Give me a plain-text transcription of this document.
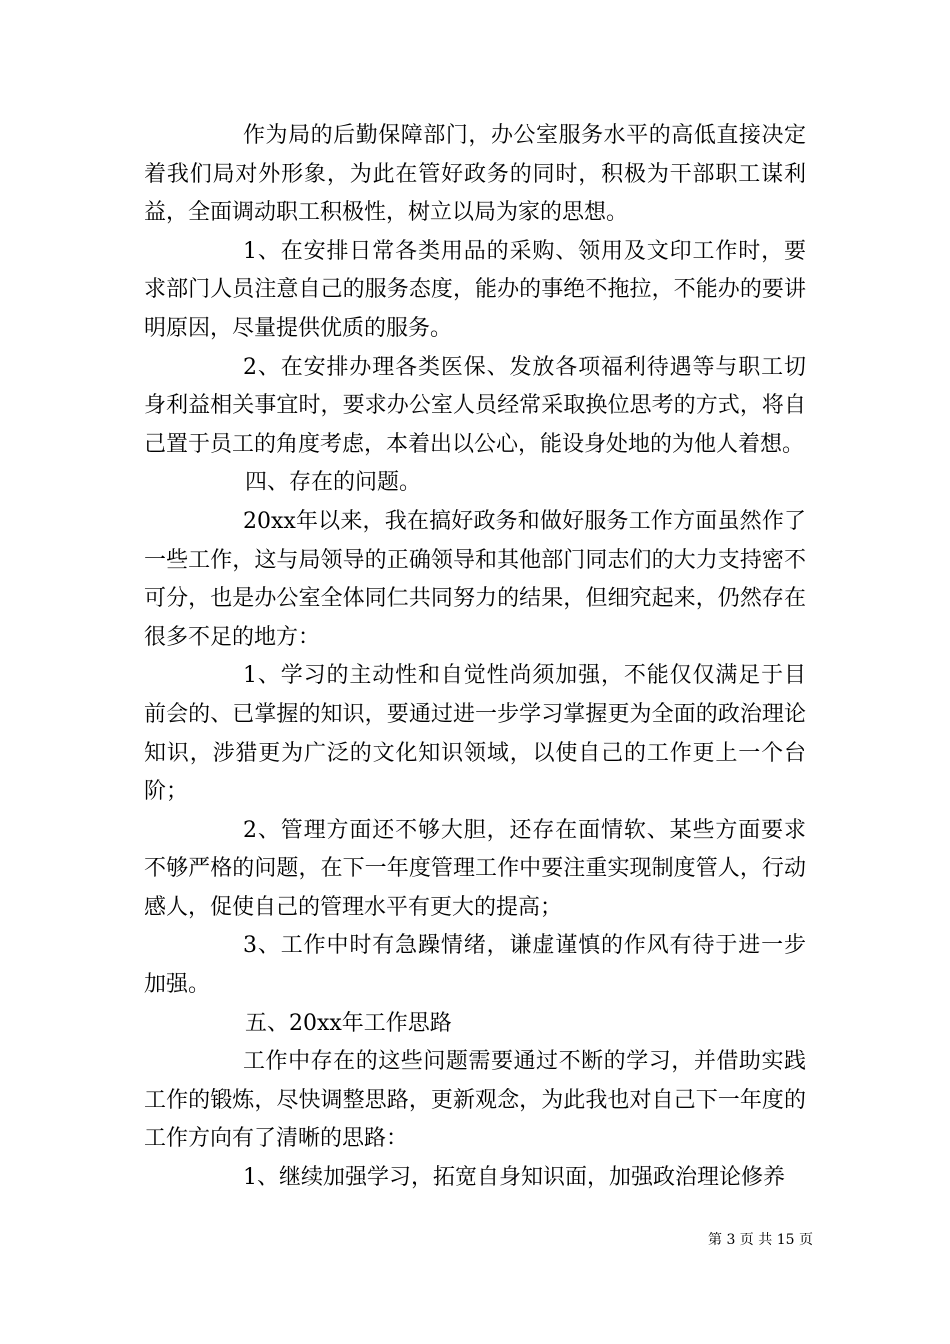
作为局的后勤保障部门，办公室服务水平的高低直接决定着我们局对外形象，为此在管好政务的同时，积极为干部职工谋利益，全面调动职工积极性，树立以局为家的思想。

1、在安排日常各类用品的采购、领用及文印工作时，要求部门人员注意自己的服务态度，能办的事绝不拖拉，不能办的要讲明原因，尽量提供优质的服务。

2、在安排办理各类医保、发放各项福利待遇等与职工切身利益相关事宜时，要求办公室人员经常采取换位思考的方式，将自己置于员工的角度考虑，本着出以公心，能设身处地的为他人着想。

四、存在的问题。

20xx年以来，我在搞好政务和做好服务工作方面虽然作了一些工作，这与局领导的正确领导和其他部门同志们的大力支持密不可分，也是办公室全体同仁共同努力的结果，但细究起来，仍然存在很多不足的地方：

1、学习的主动性和自觉性尚须加强，不能仅仅满足于目前会的、已掌握的知识，要通过进一步学习掌握更为全面的政治理论知识，涉猎更为广泛的文化知识领域，以使自己的工作更上一个台阶；

2、管理方面还不够大胆，还存在面情软、某些方面要求不够严格的问题，在下一年度管理工作中要注重实现制度管人，行动感人，促使自己的管理水平有更大的提高；

3、工作中时有急躁情绪，谦虚谨慎的作风有待于进一步加强。

五、20xx年工作思路

工作中存在的这些问题需要通过不断的学习，并借助实践工作的锻炼，尽快调整思路，更新观念，为此我也对自己下一年度的工作方向有了清晰的思路：

1、继续加强学习，拓宽自身知识面，加强政治理论修养

第 3 页 共 15 页
